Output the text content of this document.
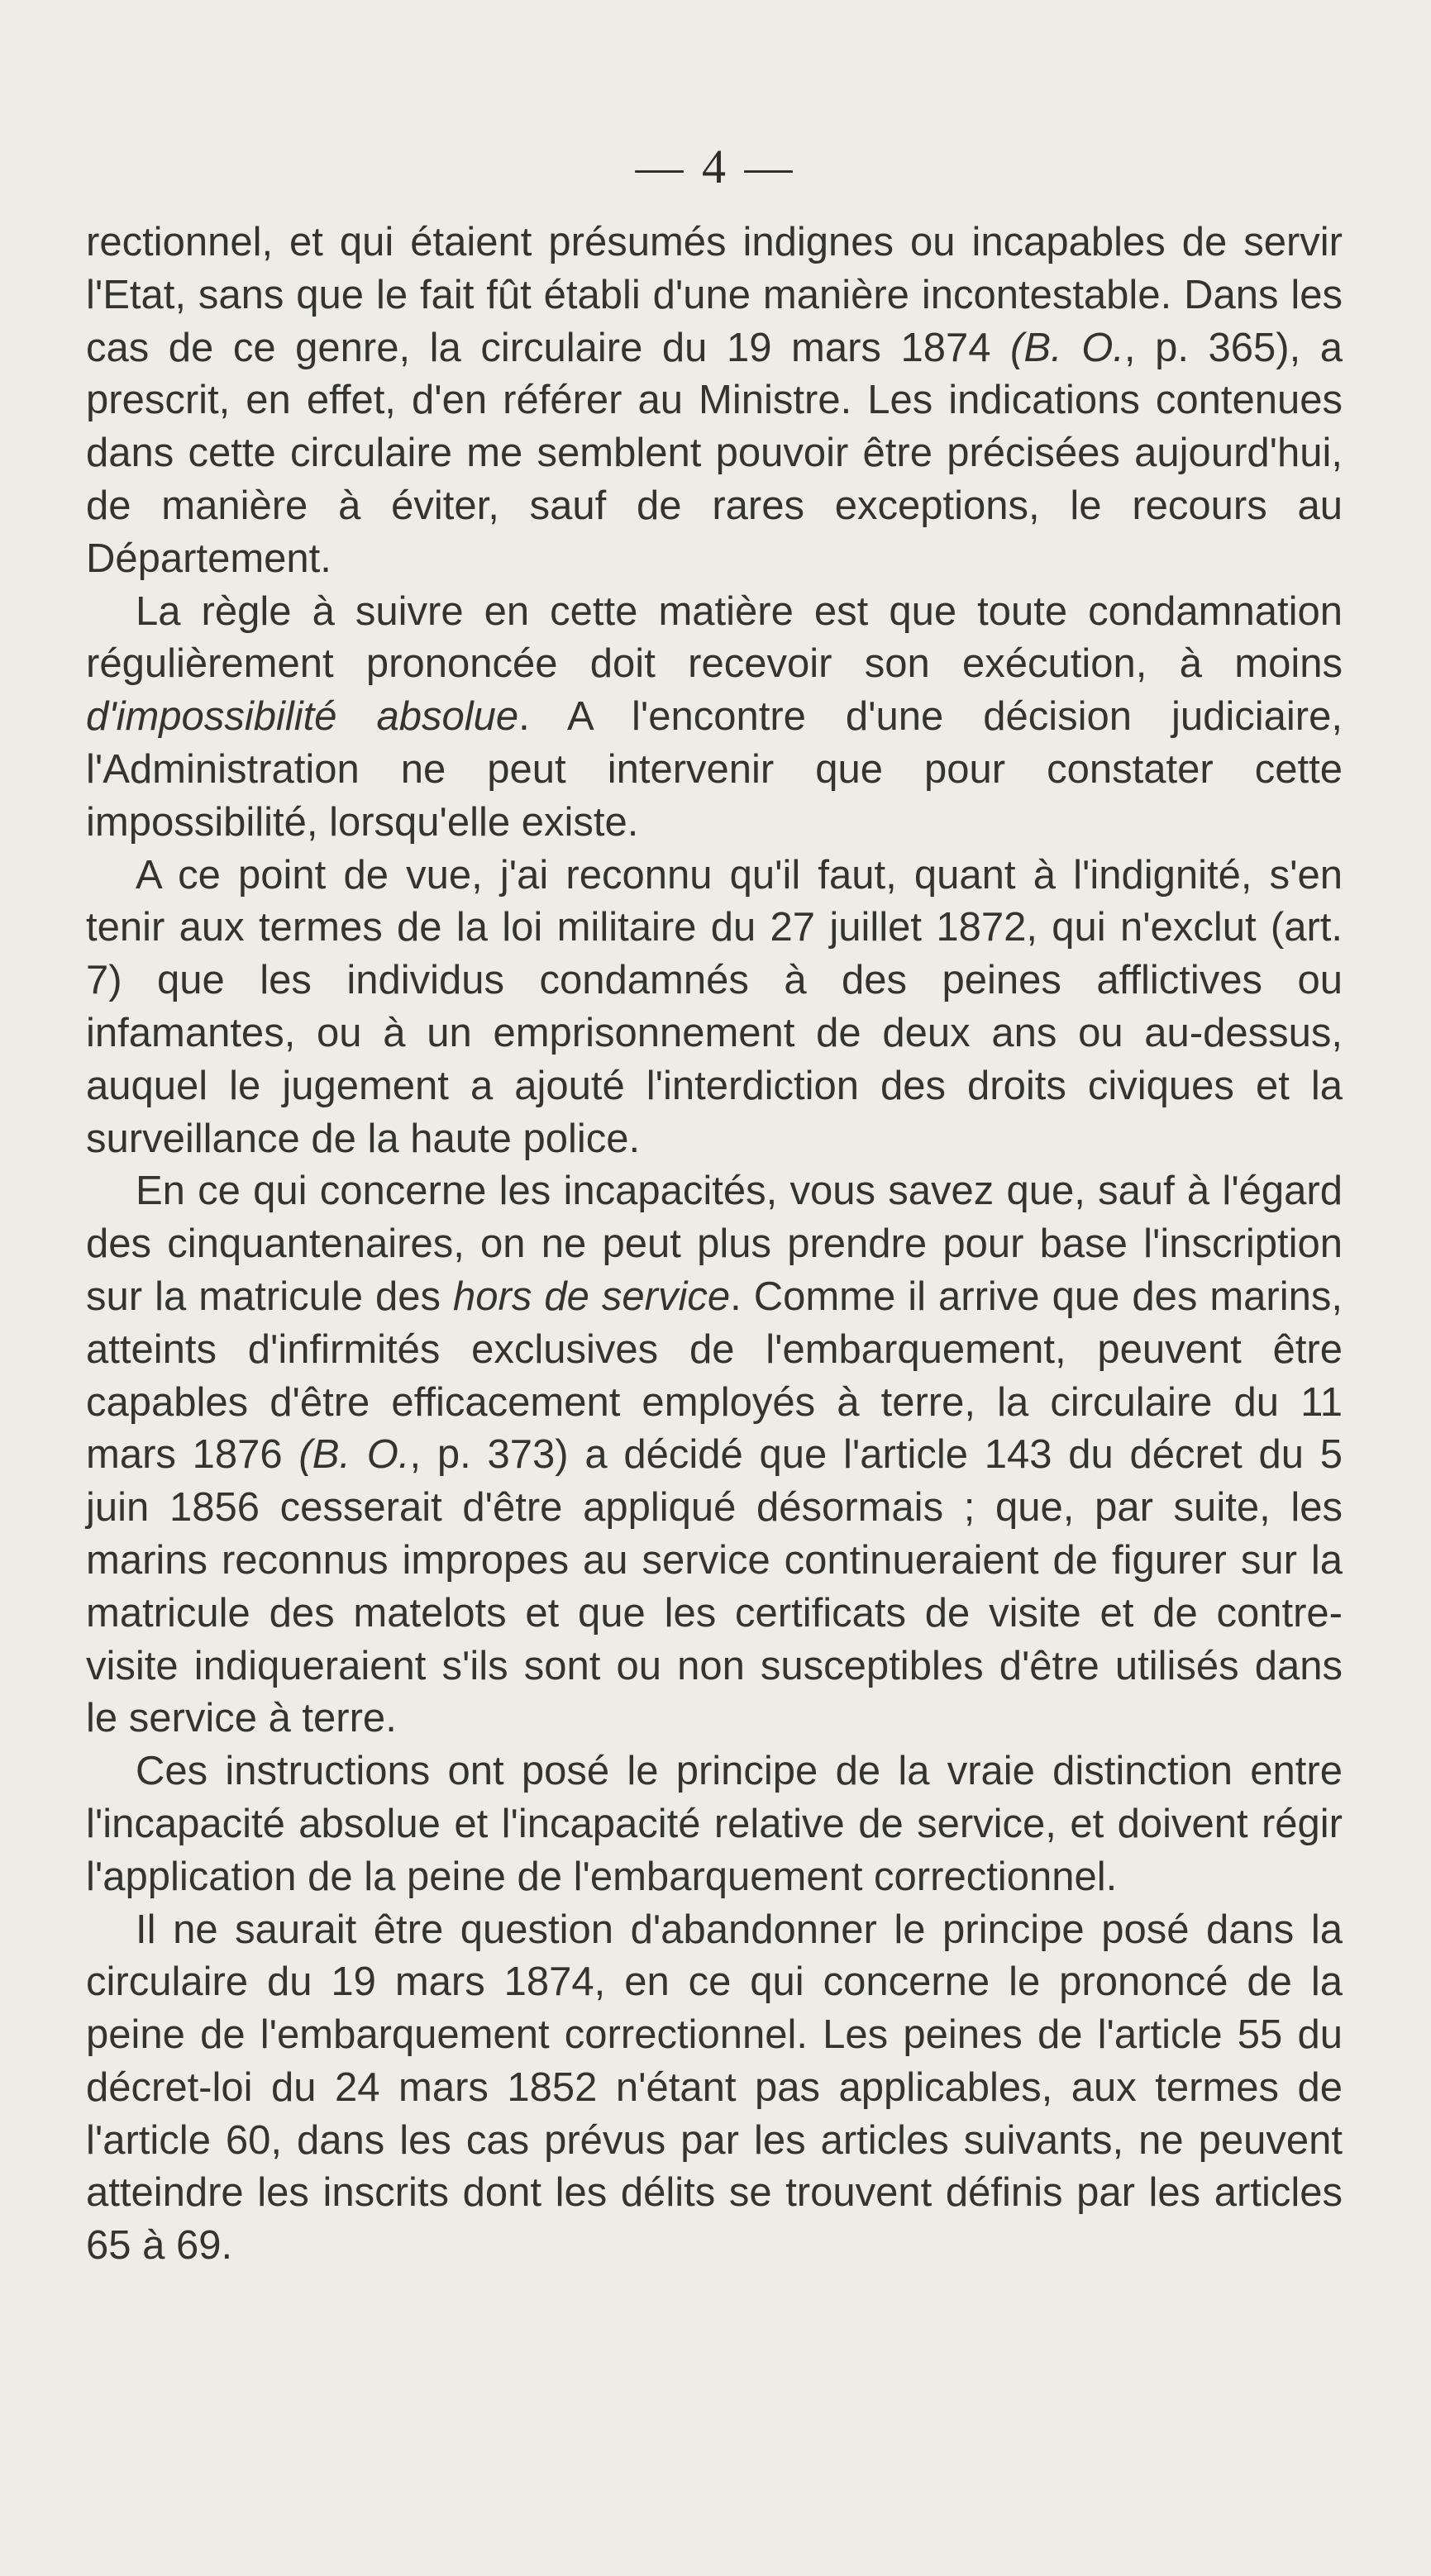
— 4 —

rectionnel, et qui étaient présumés indignes ou incapables de servir l'Etat, sans que le fait fût établi d'une manière incontestable. Dans les cas de ce genre, la circulaire du 19 mars 1874 (B. O., p. 365), a prescrit, en effet, d'en référer au Ministre. Les indications contenues dans cette circulaire me semblent pouvoir être précisées aujourd'hui, de manière à éviter, sauf de rares exceptions, le recours au Département.

La règle à suivre en cette matière est que toute condamnation régulièrement prononcée doit recevoir son exécution, à moins d'impossibilité absolue. A l'encontre d'une décision judiciaire, l'Administration ne peut intervenir que pour constater cette impossibilité, lorsqu'elle existe.

A ce point de vue, j'ai reconnu qu'il faut, quant à l'indignité, s'en tenir aux termes de la loi militaire du 27 juillet 1872, qui n'exclut (art. 7) que les individus condamnés à des peines afflictives ou infamantes, ou à un emprisonnement de deux ans ou au-dessus, auquel le jugement a ajouté l'interdiction des droits civiques et la surveillance de la haute police.

En ce qui concerne les incapacités, vous savez que, sauf à l'égard des cinquantenaires, on ne peut plus prendre pour base l'inscription sur la matricule des hors de service. Comme il arrive que des marins, atteints d'infirmités exclusives de l'embarquement, peuvent être capables d'être efficacement employés à terre, la circulaire du 11 mars 1876 (B. O., p. 373) a décidé que l'article 143 du décret du 5 juin 1856 cesserait d'être appliqué désormais ; que, par suite, les marins reconnus impropes au service continueraient de figurer sur la matricule des matelots et que les certificats de visite et de contre-visite indiqueraient s'ils sont ou non susceptibles d'être utilisés dans le service à terre.

Ces instructions ont posé le principe de la vraie distinction entre l'incapacité absolue et l'incapacité relative de service, et doivent régir l'application de la peine de l'embarquement correctionnel.

Il ne saurait être question d'abandonner le principe posé dans la circulaire du 19 mars 1874, en ce qui concerne le prononcé de la peine de l'embarquement correctionnel. Les peines de l'article 55 du décret-loi du 24 mars 1852 n'étant pas applicables, aux termes de l'article 60, dans les cas prévus par les articles suivants, ne peuvent atteindre les inscrits dont les délits se trouvent définis par les articles 65 à 69.
